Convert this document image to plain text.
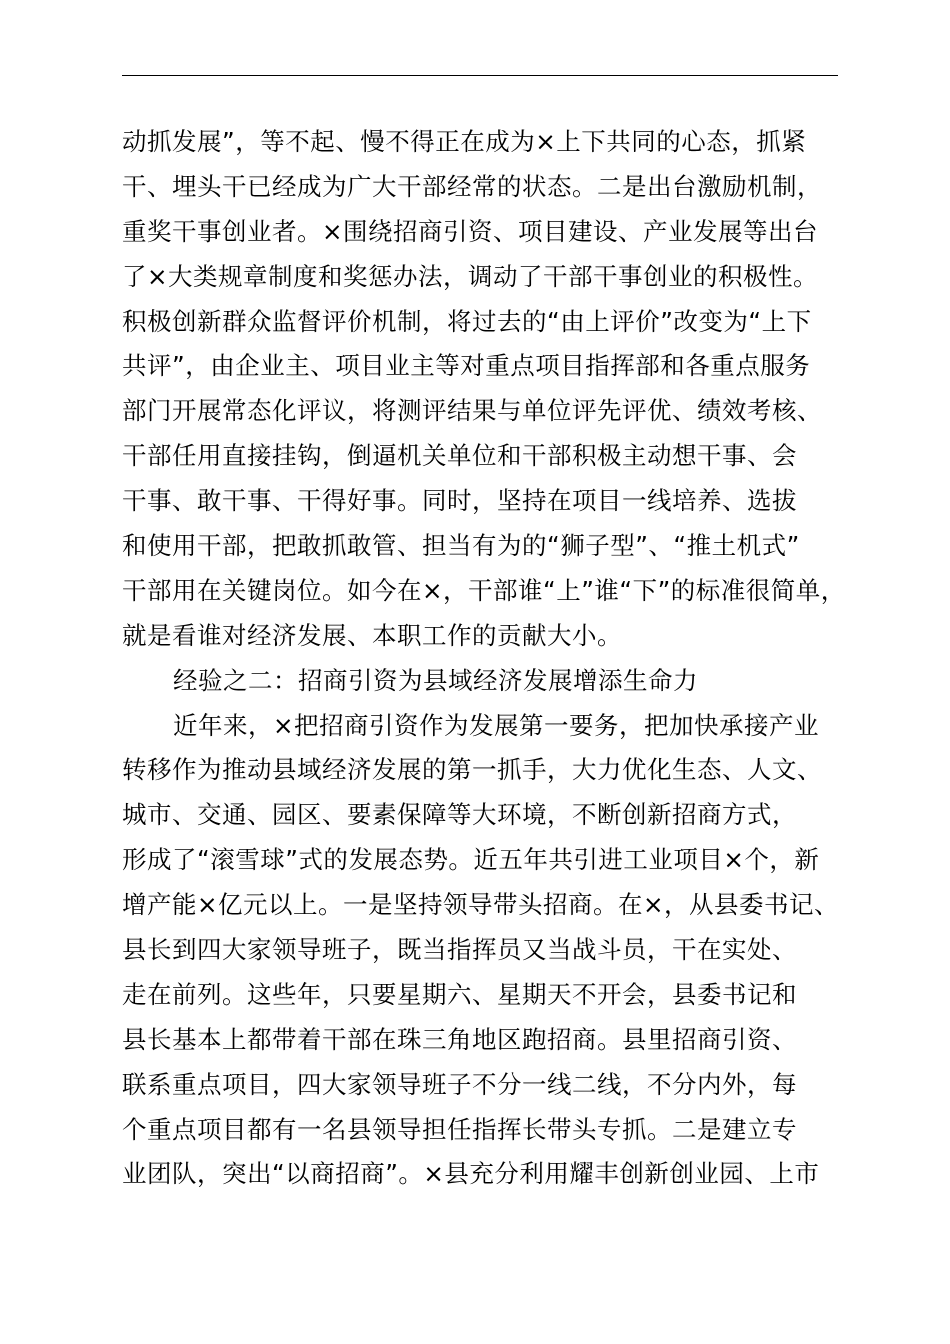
动抓发展”，等不起、慢不得正在成为×上下共同的心态，抓紧
干、埋头干已经成为广大干部经常的状态。二是出台激励机制，
重奖干事创业者。×围绕招商引资、项目建设、产业发展等出台
了×大类规章制度和奖惩办法，调动了干部干事创业的积极性。
积极创新群众监督评价机制，将过去的“由上评价”改变为“上下
共评”，由企业主、项目业主等对重点项目指挥部和各重点服务
部门开展常态化评议，将测评结果与单位评先评优、绩效考核、
干部任用直接挂钩，倒逼机关单位和干部积极主动想干事、会
干事、敢干事、干得好事。同时，坚持在项目一线培养、选拔
和使用干部，把敢抓敢管、担当有为的“狮子型”、“推土机式”
干部用在关键岗位。如今在×，干部谁“上”谁“下”的标准很简单，
就是看谁对经济发展、本职工作的贡献大小。
经验之二：招商引资为县域经济发展增添生命力
近年来，×把招商引资作为发展第一要务，把加快承接产业
转移作为推动县域经济发展的第一抓手，大力优化生态、人文、
城市、交通、园区、要素保障等大环境，不断创新招商方式，
形成了“滚雪球”式的发展态势。近五年共引进工业项目×个，新
增产能×亿元以上。一是坚持领导带头招商。在×，从县委书记、
县长到四大家领导班子，既当指挥员又当战斗员，干在实处、
走在前列。这些年，只要星期六、星期天不开会，县委书记和
县长基本上都带着干部在珠三角地区跑招商。县里招商引资、
联系重点项目，四大家领导班子不分一线二线，不分内外，每
个重点项目都有一名县领导担任指挥长带头专抓。二是建立专
业团队，突出“以商招商”。×县充分利用耀丰创新创业园、上市
